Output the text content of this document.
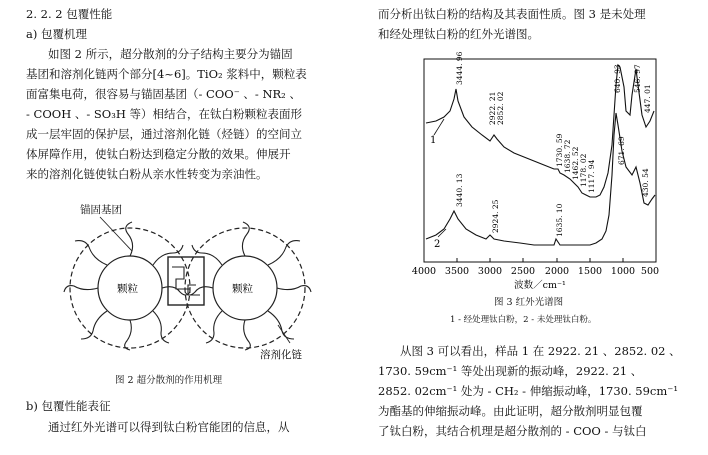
2. 2. 2 包覆性能
a) 包覆机理
如图 2 所示，超分散剂的分子结构主要分为锚固
基团和溶剂化链两个部分[4~6]。TiO₂ 浆料中，颗粒表
面富集电荷，很容易与锚固基团（- COO⁻ 、- NR₂ 、
- COOH 、- SO₃H 等）相结合，在钛白粉颗粒表面形
成一层牢固的保护层，通过溶剂化链（烃链）的空间立
体屏障作用，使钛白粉达到稳定分散的效果。伸展开
来的溶剂化链使钛白粉从亲水性转变为亲油性。
锚固基团
颗粒	颗粒
溶剂化链
图 2 超分散剂的作用机理
b) 包覆性能表征
通过红外光谱可以得到钛白粉官能团的信息，从
而分析出钛白粉的结构及其表面性质。图 3 是未处理
和经处理钛白粉的红外光谱图。
4000 3500 3000 2500 2000 1500 1000 500
波数／cm⁻¹
1
2
3444. 96
2922. 21 2852. 02
1730. 59 1638. 72 1462. 52 1178. 02 1117. 94
640. 93 546. 97
447. 01
3440. 13
2924. 25	1635. 10
671. 69
430. 54
图 3 红外光谱图
1 - 经处理钛白粉，2 - 未处理钛白粉。
从图 3 可以看出，样品 1 在 2922. 21 、2852. 02 、
1730. 59cm⁻¹ 等处出现新的振动峰，2922. 21 、
2852. 02cm⁻¹ 处为 - CH₂ - 伸缩振动峰，1730. 59cm⁻¹
为酯基的伸缩振动峰。由此证明，超分散剂明显包覆
了钛白粉，其结合机理是超分散剂的 - COO - 与钛白
